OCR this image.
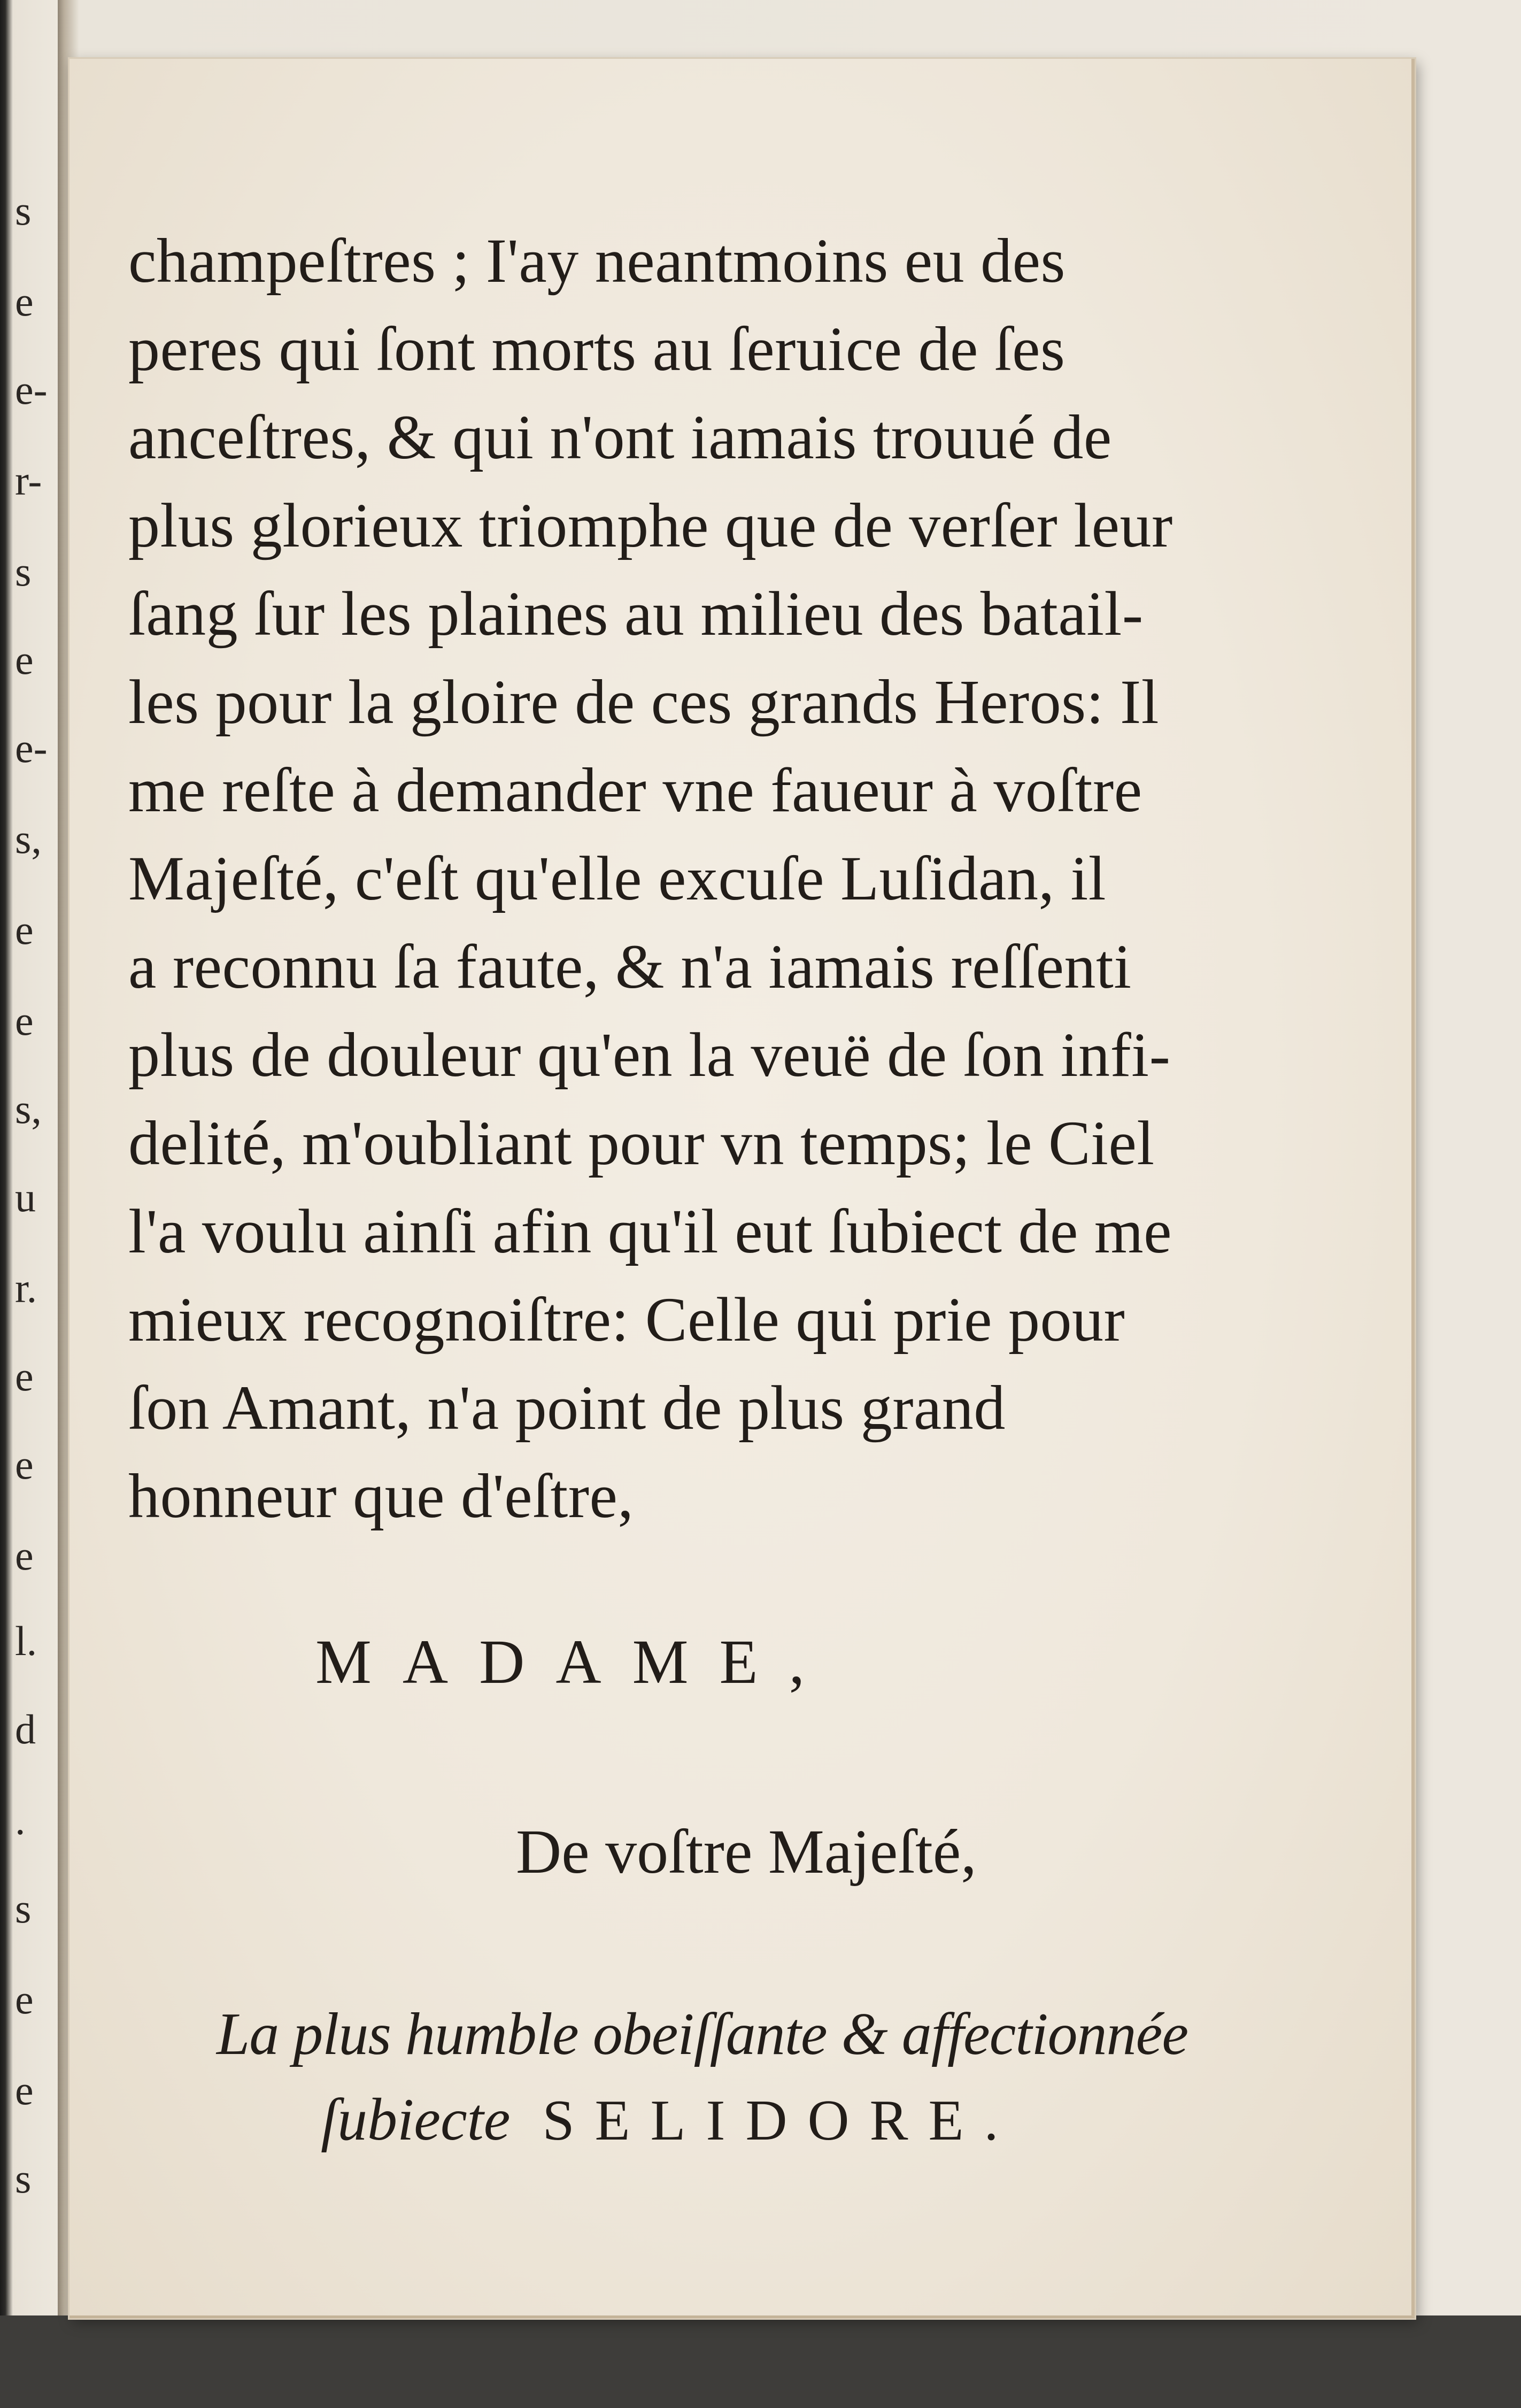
s
e
e-
r-
s
e
e-
s,
e
e
s,
u
r.
e
e
e
l.
d
.
s
e
e
s
champeſtres ; I'ay neantmoins eu des
peres qui ſont morts au ſeruice de ſes
anceſtres, & qui n'ont iamais trouué de
plus glorieux triomphe que de verſer leur
ſang ſur les plaines au milieu des batail-
les pour la gloire de ces grands Heros: Il
me reſte à demander vne faueur à voſtre
Majeſté, c'eſt qu'elle excuſe Luſidan, il
a reconnu ſa faute, & n'a iamais reſſenti
plus de douleur qu'en la veuë de ſon infi-
delité, m'oubliant pour vn temps; le Ciel
l'a voulu ainſi afin qu'il eut ſubiect de me
mieux recognoiſtre: Celle qui prie pour
ſon Amant, n'a point de plus grand
honneur que d'eſtre,
MADAME,
De voſtre Majeſté,
La plus humble obeiſſante & affectionnée
ſubiecte SELIDORE.
